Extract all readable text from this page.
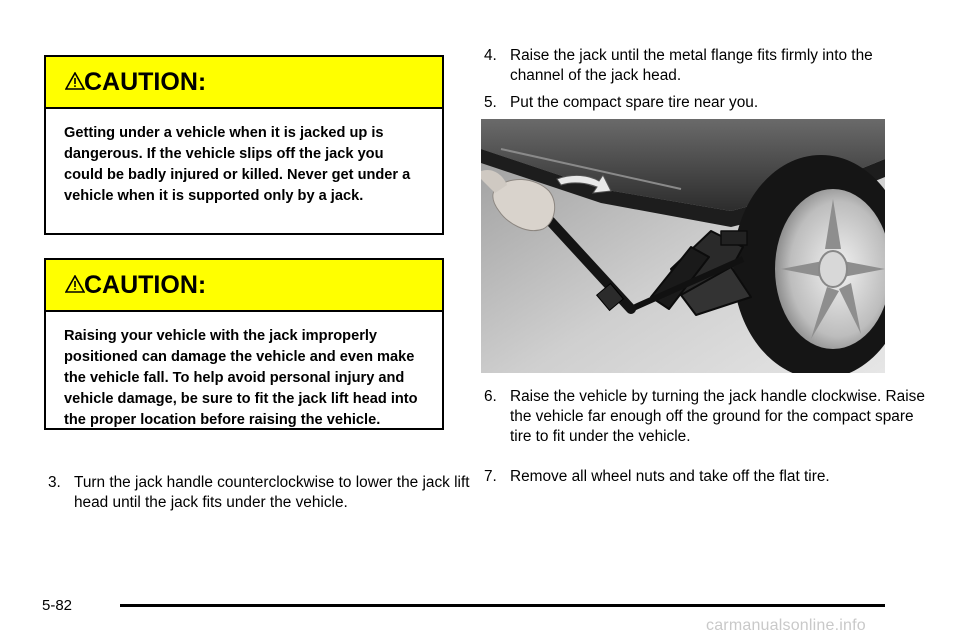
CAUTION:
Getting under a vehicle when it is jacked up is dangerous. If the vehicle slips off the jack you could be badly injured or killed. Never get under a vehicle when it is supported only by a jack.
CAUTION:
Raising your vehicle with the jack improperly positioned can damage the vehicle and even make the vehicle fall. To help avoid personal injury and vehicle damage, be sure to fit the jack lift head into the proper location before raising the vehicle.
3. Turn the jack handle counterclockwise to lower the jack lift head until the jack fits under the vehicle.
4. Raise the jack until the metal flange fits firmly into the channel of the jack head.
5. Put the compact spare tire near you.
6. Raise the vehicle by turning the jack handle clockwise. Raise the vehicle far enough off the ground for the compact spare tire to fit under the vehicle.
7. Remove all wheel nuts and take off the flat tire.
5-82
carmanualsonline.info
